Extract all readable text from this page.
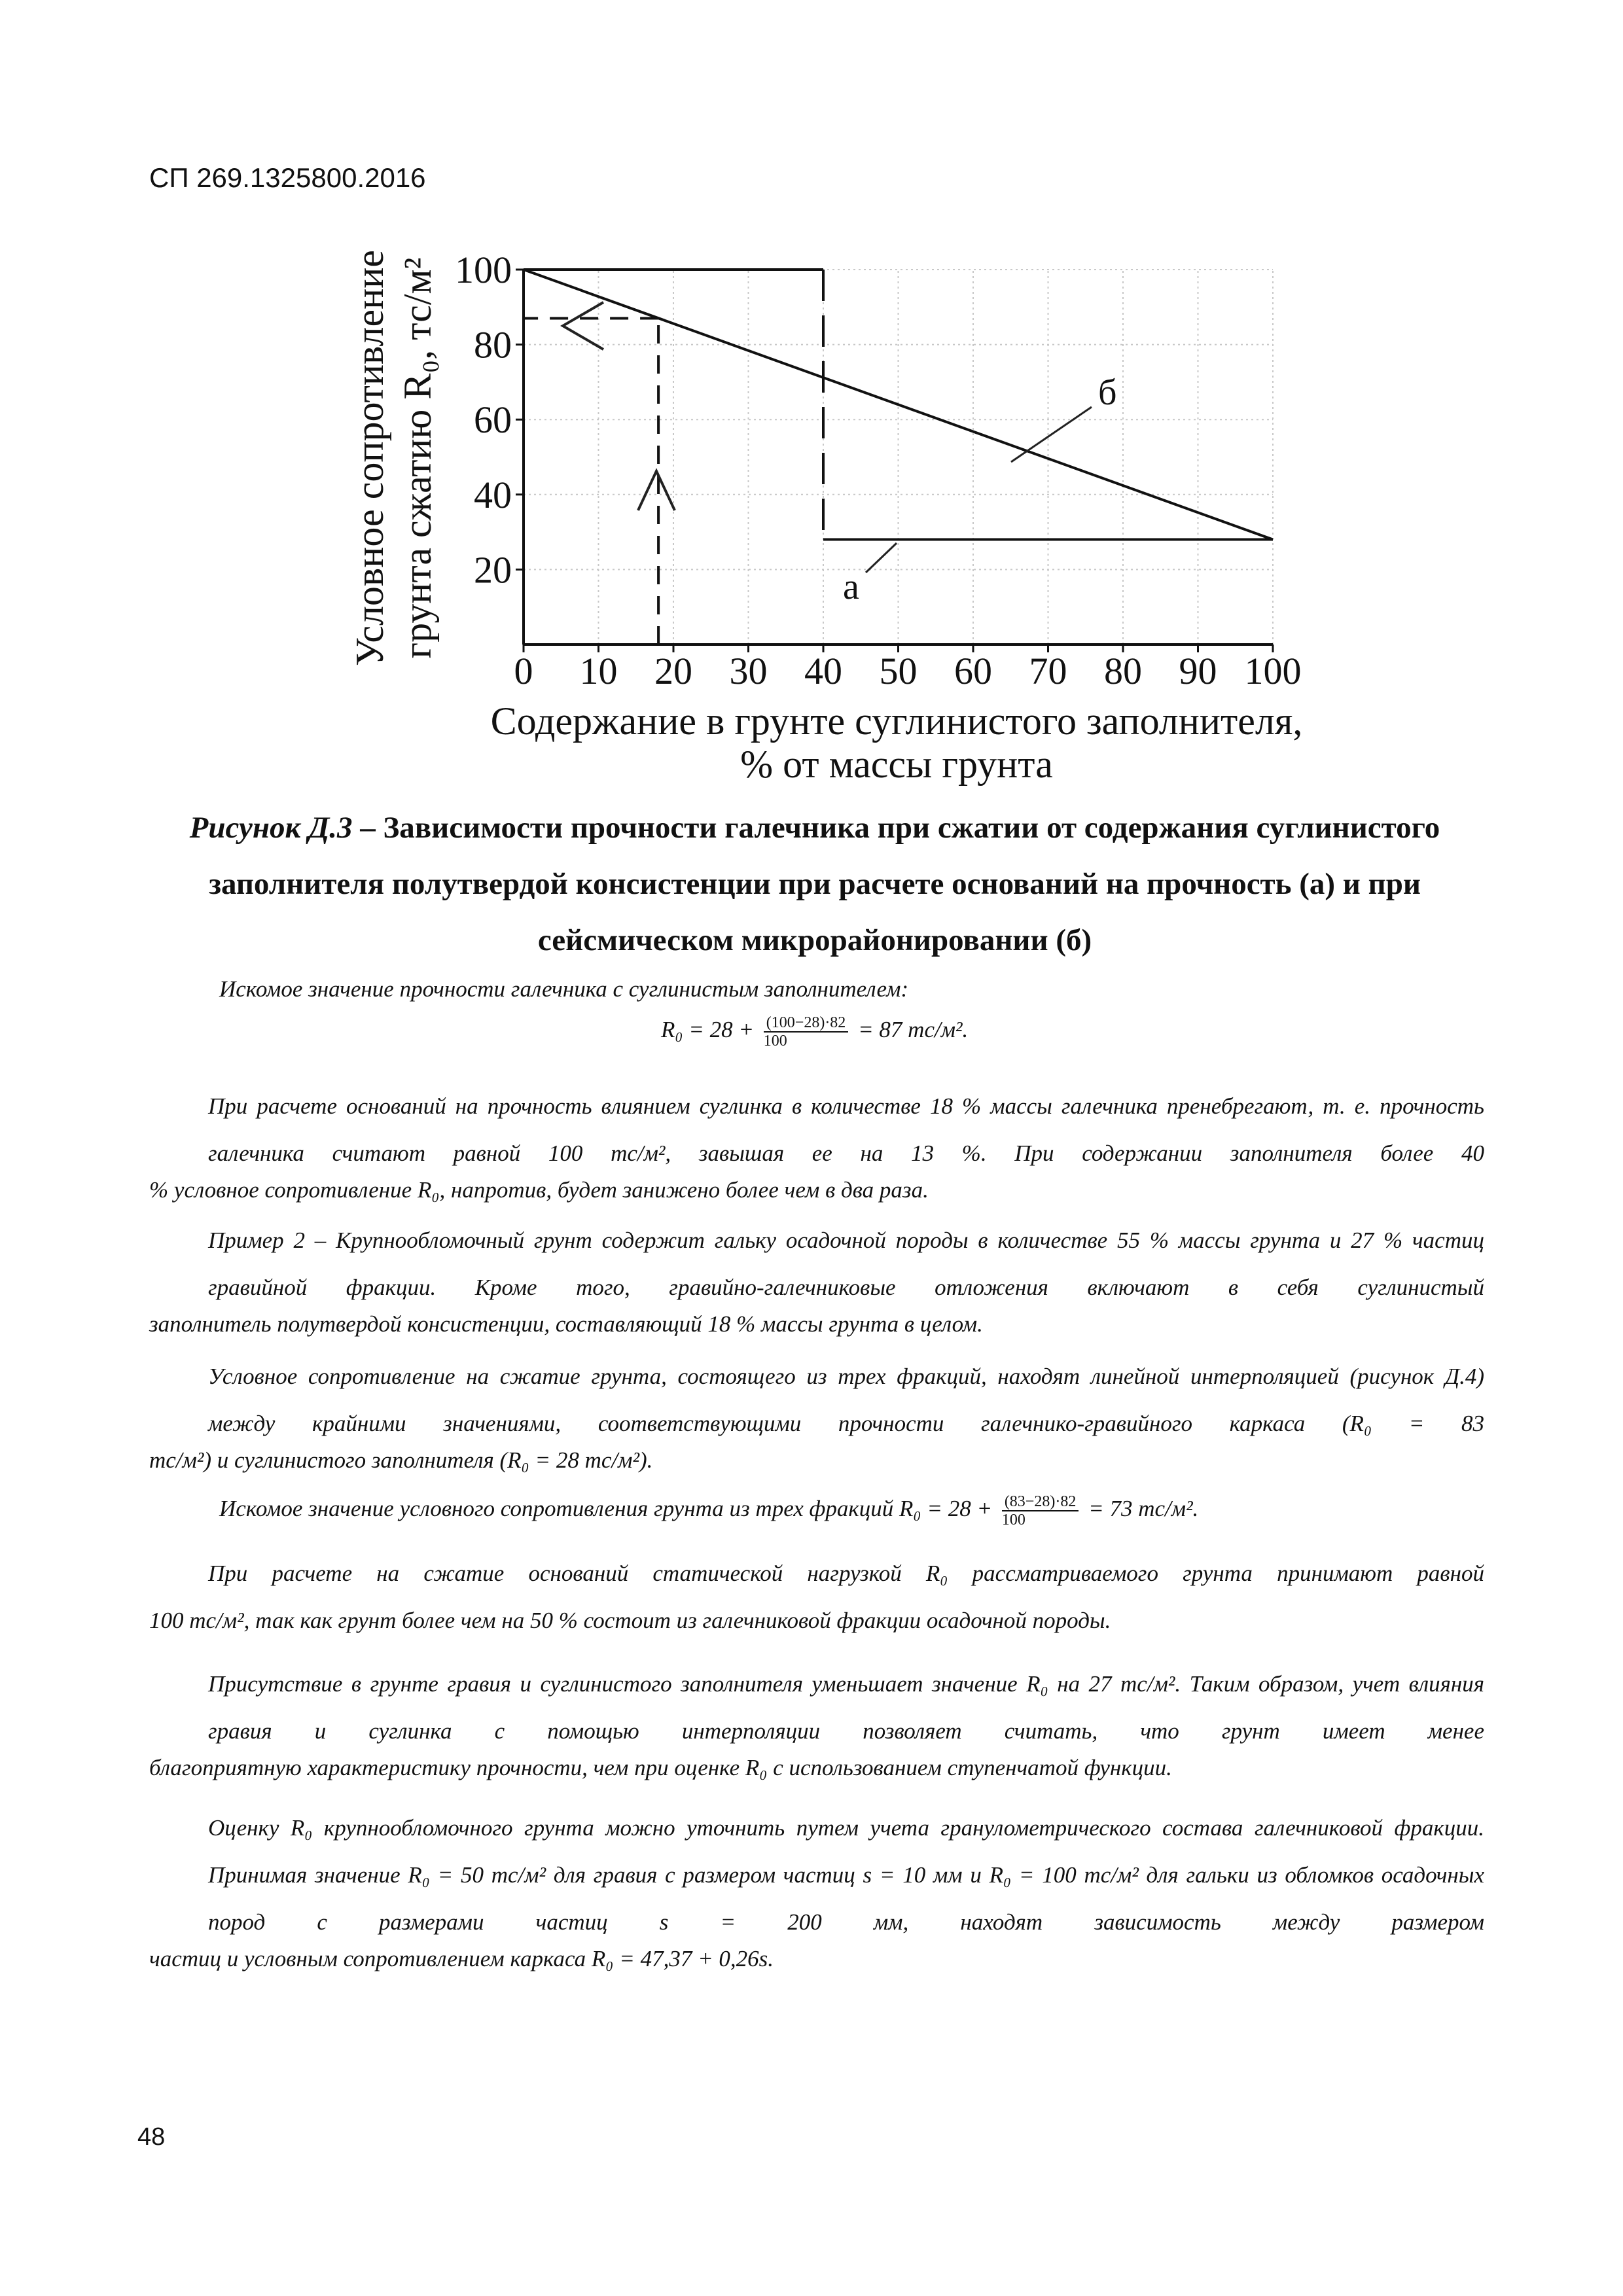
СП 269.1325800.2016
0 10 20 30 40 50 60 70 80 90 100
20
40
60
80
100
Условное сопротивление грунта сжатию R₀, тс/м²
Содержание в грунте суглинистого заполнителя,
% от массы грунта
б
а
Рисунок Д.3 – Зависимости прочности галечника при сжатии от содержания суглинистого заполнителя полутвердой консистенции при расчете оснований на прочность (а) и при сейсмическом микрорайонировании (б)
Искомое значение прочности галечника с суглинистым заполнителем:
$R_0 = 28 + \frac{(100-28)\cdot 82}{100} = 87$ тс/м².
При расчете оснований на прочность влиянием суглинка в количестве 18 % массы галечника пренебрегают, т. е. прочность галечника считают равной 100 тс/м², завышая ее на 13 %. При содержании заполнителя более 40
% условное сопротивление R₀, напротив, будет занижено более чем в два раза.
Пример 2 – Крупнообломочный грунт содержит гальку осадочной породы в количестве 55 % массы грунта и 27 % частиц гравийной фракции. Кроме того, гравийно-галечниковые отложения включают в себя суглинистый
заполнитель полутвердой консистенции, составляющий 18 % массы грунта в целом.
Условное сопротивление на сжатие грунта, состоящего из трех фракций, находят линейной интерполяцией (рисунок Д.4) между крайними значениями, соответствующими прочности галечнико-гравийного каркаса (R₀ = 83
тс/м²) и суглинистого заполнителя (R₀ = 28 тс/м²).
Искомое значение условного сопротивления грунта из трех фракций $R_0 = 28 + \frac{(83-28)\cdot 82}{100} = 73$ тс/м².
При расчете на сжатие оснований статической нагрузкой R₀ рассматриваемого грунта принимают равной
100 тс/м², так как грунт более чем на 50 % состоит из галечниковой фракции осадочной породы.
Присутствие в грунте гравия и суглинистого заполнителя уменьшает значение R₀ на 27 тс/м². Таким образом, учет влияния гравия и суглинка с помощью интерполяции позволяет считать, что грунт имеет менее
благоприятную характеристику прочности, чем при оценке R₀ с использованием ступенчатой функции.
Оценку R₀ крупнообломочного грунта можно уточнить путем учета гранулометрического состава галечниковой фракции. Принимая значение R₀ = 50 тс/м² для гравия с размером частиц s = 10 мм и R₀ = 100 тс/м² для гальки из обломков осадочных пород с размерами частиц s = 200 мм, находят зависимость между размером
частиц и условным сопротивлением каркаса R₀ = 47,37 + 0,26s.
48
